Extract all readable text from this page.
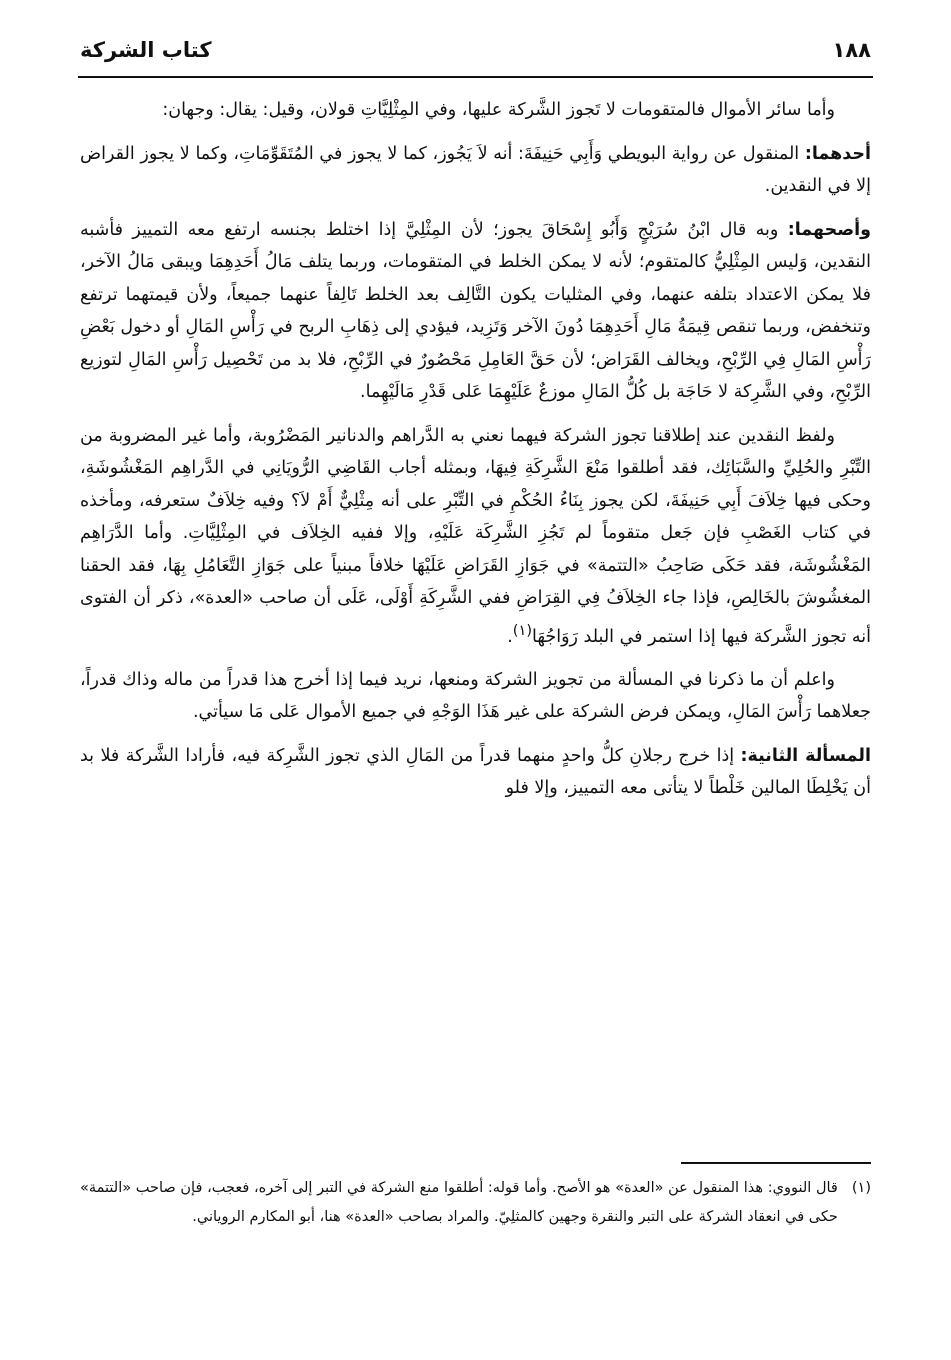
١٨٨
كتاب الشركة

وأما سائر الأموال فالمتقومات لا تَجوز الشَّركة عليها، وفي المِثْلِيَّاتِ قولان، وقيل: يقال: وجهان:

أحدهما: المنقول عن رواية البويطي وَأَبِي حَنِيفَةَ: أنه لاَ يَجُوز، كما لا يجوز في المُتَقَوِّمَاتِ، وكما لا يجوز القراض إلا في النقدين.

وأصحهما: وبه قال ابْنُ سُرَيْجٍ وَأَبُو إِسْحَاقَ يجوز؛ لأن المِثْلِيَّ إذا اختلط بجنسه ارتفع معه التمييز فأشبه النقدين، وَليس المِثْلِيُّ كالمتقوم؛ لأنه لا يمكن الخلط في المتقومات، وربما يتلف مَالُ أَحَدِهِمَا ويبقى مَالُ الآخر، فلا يمكن الاعتداد بتلفه عنهما، وفي المثليات يكون التَّالِف بعد الخلط تَالِفاً عنهما جميعاً، ولأن قيمتهما ترتفع وتنخفض، وربما تنقص قِيمَةُ مَالِ أَحَدِهِمَا دُونَ الآخر وَتَزِيد، فيؤدي إلى ذِهَابِ الربح في رَأْسِ المَالِ أو دخول بَعْضِ رَأْسِ المَالِ فِي الرِّبْحِ، ويخالف القَرَاض؛ لأن حَقَّ العَامِلِ مَحْصُورٌ في الرِّبْحِ، فلا بد من تَحْصِيل رَأْسِ المَالِ لتوزيع الرِّبْحِ، وفي الشَّرِكة لا حَاجَة بل كُلُّ المَالِ موزعٌ عَلَيْهِمَا عَلى قَدْرِ مَالَيْهِما.

ولفظ النقدين عند إطلاقنا تجوز الشركة فيهما نعني به الدَّراهم والدنانير المَضْرُوبة، وأما غير المضروبة من التِّبْرِ والحُلِيِّ والسَّبَائِك، فقد أطلقوا مَنْعَ الشَّرِكَةِ فِيهَا، وبمثله أجاب القَاضِي الرُّويَانِي في الدَّراهِم المَغْشُوشَةِ، وحكى فيها خِلاَفَ أَبِي حَنِيفَةَ، لكن يجوز بِنَاءُ الحُكْمِ في التِّبْرِ على أنه مِثْلِيٌّ أَمْ لاَ؟ وفيه خِلاَفٌ ستعرفه، ومأخذه في كتاب الغَصْبِ فإن جَعل متقوماً لم تَجُزِ الشَّرِكَة عَلَيْهِ، وإلا ففيه الخِلاَف في المِثْلِيَّاتِ. وأما الدَّرَاهِم المَغْشُوشَة، فقد حَكَى صَاحِبُ «التتمة» في جَوَازِ القَرَاضِ عَلَيْهَا خلافاً مبنياً على جَوَازِ التَّعَامُلِ بِهَا، فقد الحقنا المغشُوشَ بالخَالِصِ، فإذا جاء الخِلاَفُ فِي القِرَاضِ ففي الشَّرِكَةِ أَوْلَى، عَلَى أن صاحب «العدة»، ذكر أن الفتوى أنه تجوز الشَّركة فيها إذا استمر في البلد رَوَاجُهَا$^{(١)}$.

واعلم أن ما ذكرنا في المسألة من تجويز الشركة ومنعها، نريد فيما إذا أخرج هذا قدراً من ماله وذاك قدراً، جعلاهما رَأْسَ المَالِ، ويمكن فرض الشركة على غير هَذَا الوَجْهِ في جميع الأموال عَلى مَا سيأتي.

المسألة الثانية: إذا خرج رجلانِ كلُّ واحدٍ منهما قدراً من المَالِ الذي تجوز الشَّرِكة فيه، فأرادا الشَّركة فلا بد أن يَخْلِطَا المالين خَلْطاً لا يتأتى معه التمييز، وإلا فلو

(١)
قال النووي: هذا المنقول عن «العدة» هو الأصح. وأما قوله: أطلقوا منع الشركة في التبر إلى آخره، فعجب، فإن صاحب «التتمة» حكى في انعقاد الشركة على التبر والنقرة وجهين كالمثلِيّ. والمراد بصاحب «العدة» هنا، أبو المكارم الروياني.
